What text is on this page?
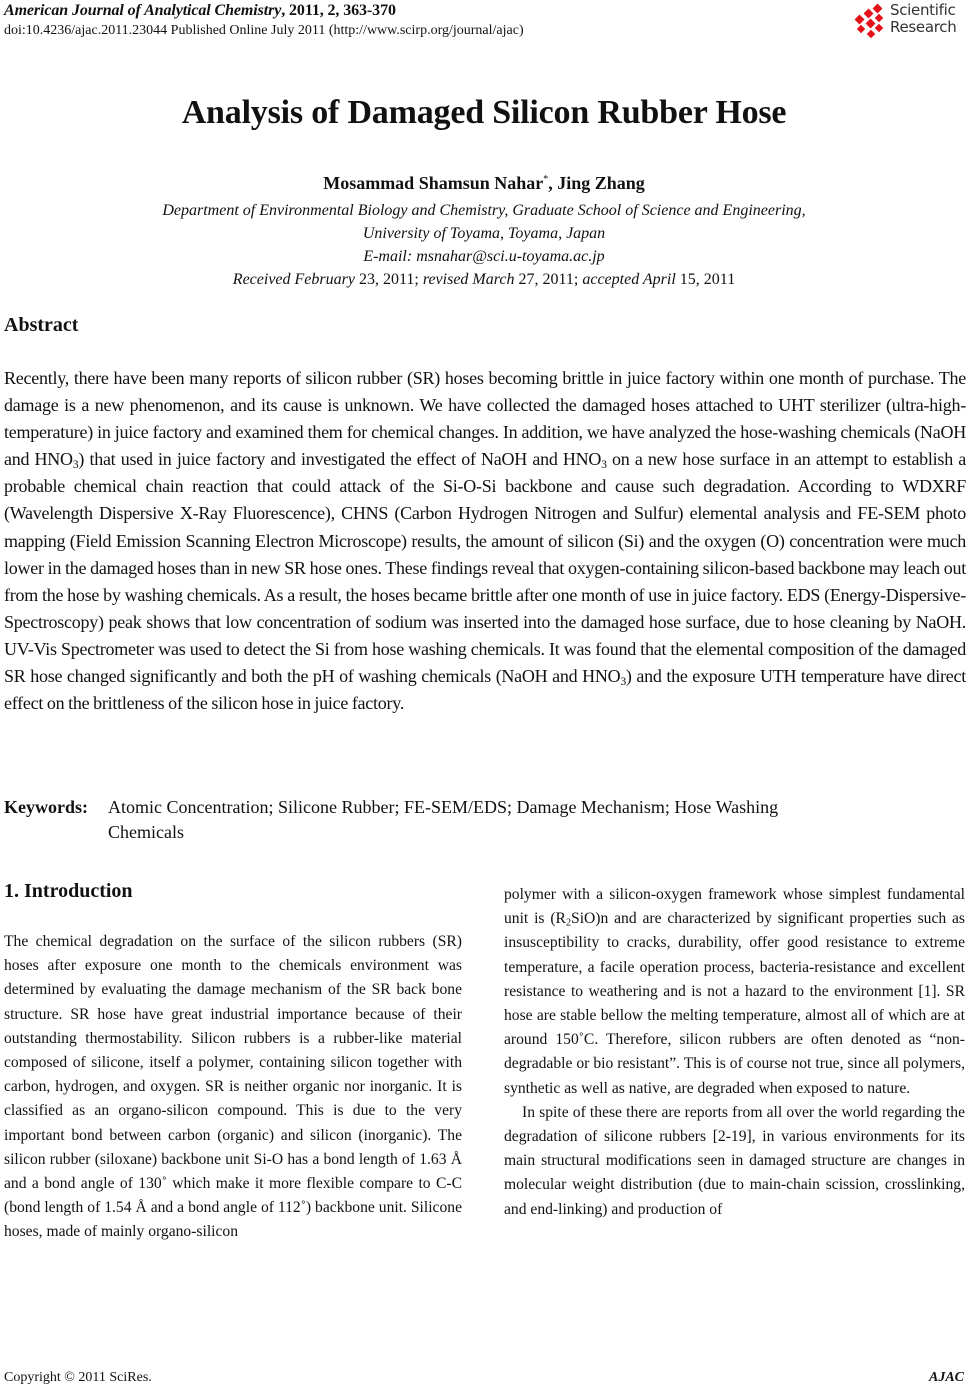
American Journal of Analytical Chemistry, 2011, 2, 363-370
doi:10.4236/ajac.2011.23044 Published Online July 2011 (http://www.scirp.org/journal/ajac)
Scientific
Research
Analysis of Damaged Silicon Rubber Hose
Mosammad Shamsun Nahar*, Jing Zhang
Department of Environmental Biology and Chemistry, Graduate School of Science and Engineering,
University of Toyama, Toyama, Japan
E-mail: msnahar@sci.u-toyama.ac.jp
Received February 23, 2011; revised March 27, 2011; accepted April 15, 2011
Abstract
Recently, there have been many reports of silicon rubber (SR) hoses becoming brittle in juice factory within one month of purchase. The damage is a new phenomenon, and its cause is unknown. We have collected the damaged hoses attached to UHT sterilizer (ultra-high-temperature) in juice factory and examined them for chemical changes. In addition, we have analyzed the hose-washing chemicals (NaOH and $HNO_3$) that used in juice factory and investigated the effect of NaOH and $HNO_3$ on a new hose surface in an attempt to establish a probable chemical chain reaction that could attack of the Si-O-Si backbone and cause such degradation. According to WDXRF (Wavelength Dispersive X-Ray Fluorescence), CHNS (Carbon Hydrogen Nitrogen and Sulfur) elemental analysis and FE-SEM photo mapping (Field Emission Scanning Electron Microscope) results, the amount of silicon (Si) and the oxygen (O) concentration were much lower in the damaged hoses than in new SR hose ones. These findings reveal that oxygen-containing silicon-based backbone may leach out from the hose by washing chemicals. As a result, the hoses became brittle after one month of use in juice factory. EDS (Energy-Dispersive-Spectroscopy) peak shows that low concentration of sodium was inserted into the damaged hose surface, due to hose cleaning by NaOH. UV-Vis Spectrometer was used to detect the Si from hose washing chemicals. It was found that the elemental composition of the damaged SR hose changed significantly and both the pH of washing chemicals (NaOH and $HNO_3$) and the exposure UTH temperature have direct effect on the brittleness of the silicon hose in juice factory.
Keywords: Atomic Concentration; Silicone Rubber; FE-SEM/EDS; Damage Mechanism; Hose Washing
Chemicals
1. Introduction

The chemical degradation on the surface of the silicon rubbers (SR) hoses after exposure one month to the chemicals environment was determined by evaluating the damage mechanism of the SR back bone structure. SR hose have great industrial importance because of their outstanding thermostability. Silicon rubbers is a rubber-like material composed of silicone, itself a polymer, containing silicon together with carbon, hydrogen, and oxygen. SR is neither organic nor inorganic. It is classified as an organo-silicon compound. This is due to the very important bond between carbon (organic) and silicon (inorganic). The silicon rubber (siloxane) backbone unit Si-O has a bond length of 1.63 Å and a bond angle of 130˚ which make it more flexible compare to C-C (bond length of 1.54 Å and a bond angle of 112˚) backbone unit. Silicone hoses, made of mainly organo-silicon

polymer with a silicon-oxygen framework whose simplest fundamental unit is $(R_2SiO)n$ and are characterized by significant properties such as insusceptibility to cracks, durability, offer good resistance to extreme temperature, a facile operation process, bacteria-resistance and excellent resistance to weathering and is not a hazard to the environment [1]. SR hose are stable bellow the melting temperature, almost all of which are at around 150˚C. Therefore, silicon rubbers are often denoted as “non-degradable or bio resistant”. This is of course not true, since all polymers, synthetic as well as native, are degraded when exposed to nature.

In spite of these there are reports from all over the world regarding the degradation of silicone rubbers [2-19], in various environments for its main structural modifications seen in damaged structure are changes in molecular weight distribution (due to main-chain scission, crosslinking, and end-linking) and production of

Copyright © 2011 SciRes.	AJAC
